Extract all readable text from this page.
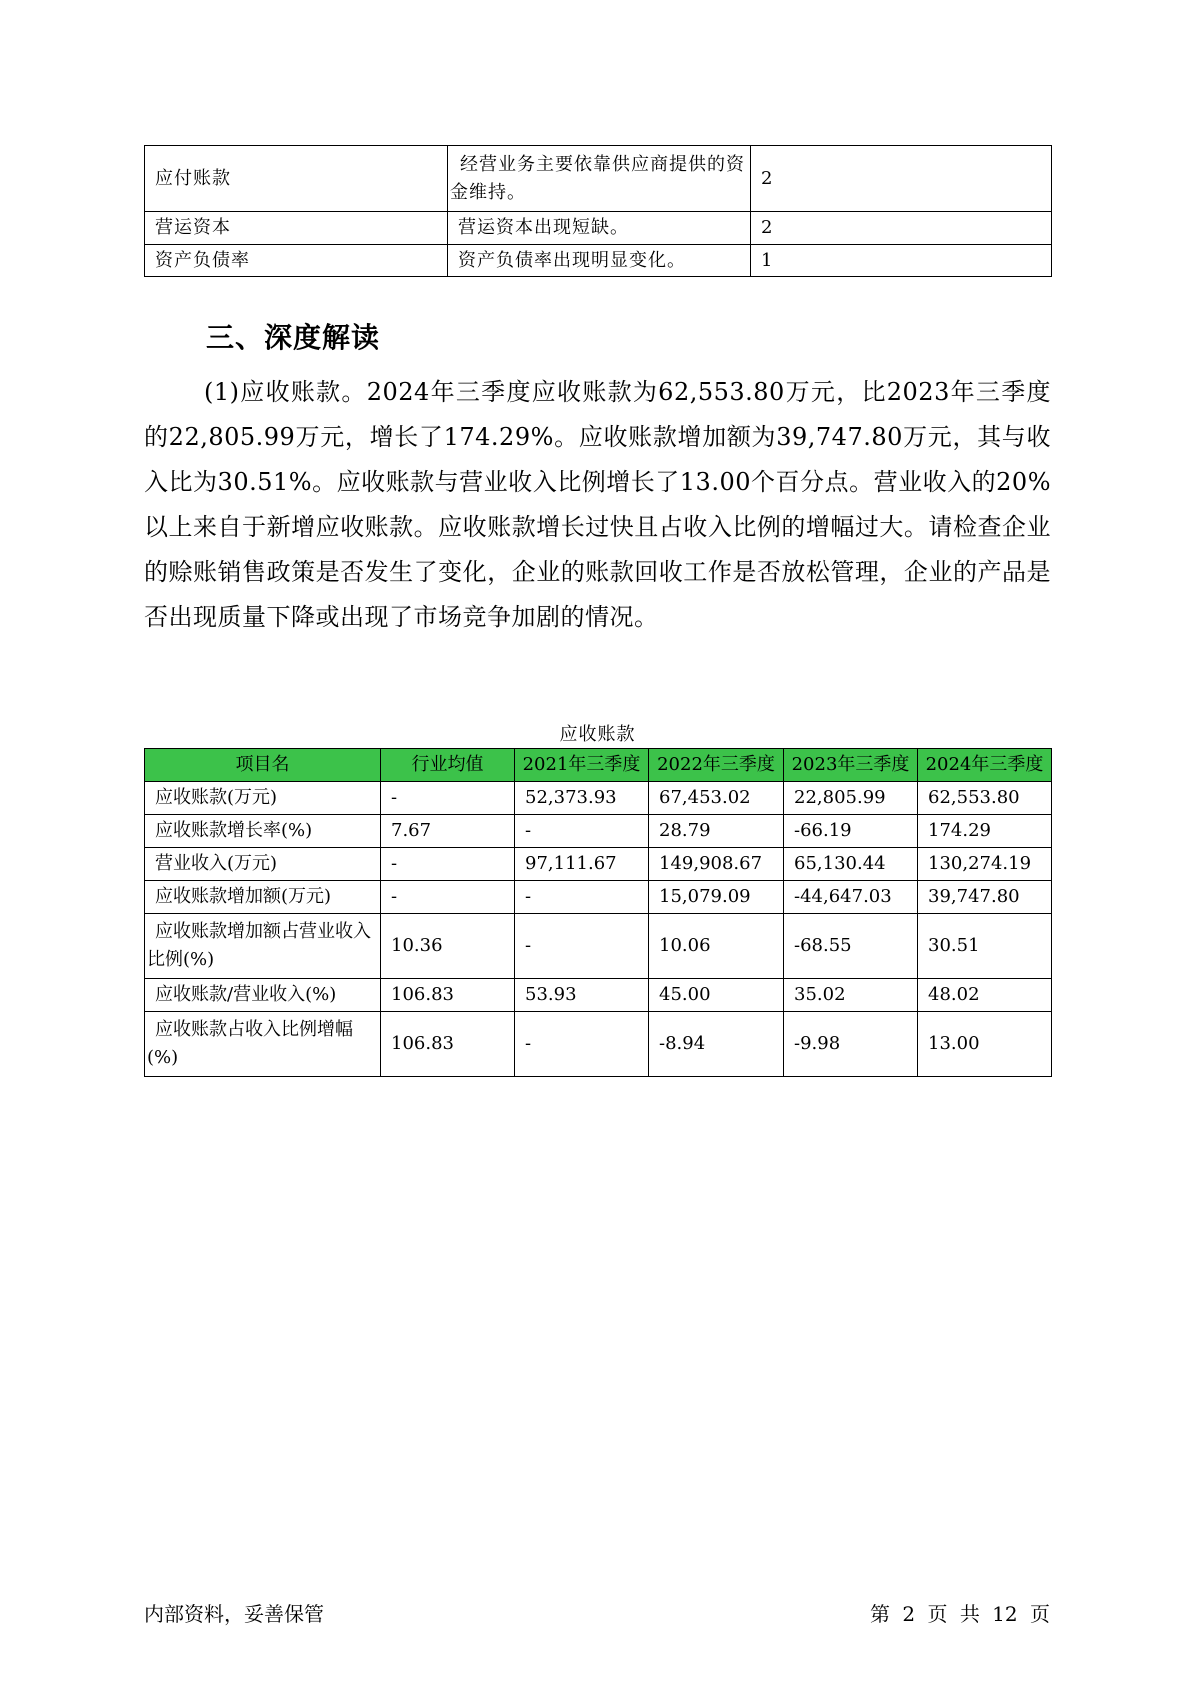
应付账款	经营业务主要依靠供应商提供的资金维持。	2
营运资本	营运资本出现短缺。	2
资产负债率	资产负债率出现明显变化。	1
三、深度解读

(1)应收账款。2024年三季度应收账款为62,553.80万元，比2023年三季度的22,805.99万元，增长了174.29%。应收账款增加额为39,747.80万元，其与收入比为30.51%。应收账款与营业收入比例增长了13.00个百分点。营业收入的20%以上来自于新增应收账款。应收账款增长过快且占收入比例的增幅过大。请检查企业的赊账销售政策是否发生了变化，企业的账款回收工作是否放松管理，企业的产品是否出现质量下降或出现了市场竞争加剧的情况。

应收账款
项目名	行业均值	2021年三季度	2022年三季度	2023年三季度	2024年三季度
应收账款(万元)	-	52,373.93	67,453.02	22,805.99	62,553.80
应收账款增长率(%)	7.67	-	28.79	-66.19	174.29
营业收入(万元)	-	97,111.67	149,908.67	65,130.44	130,274.19
应收账款增加额(万元)	-	-	15,079.09	-44,647.03	39,747.80
应收账款增加额占营业收入比例(%)	10.36	-	10.06	-68.55	30.51
应收账款/营业收入(%)	106.83	53.93	45.00	35.02	48.02
应收账款占收入比例增幅(%)	106.83	-	-8.94	-9.98	13.00
内部资料，妥善保管	第 2 页 共 12 页
